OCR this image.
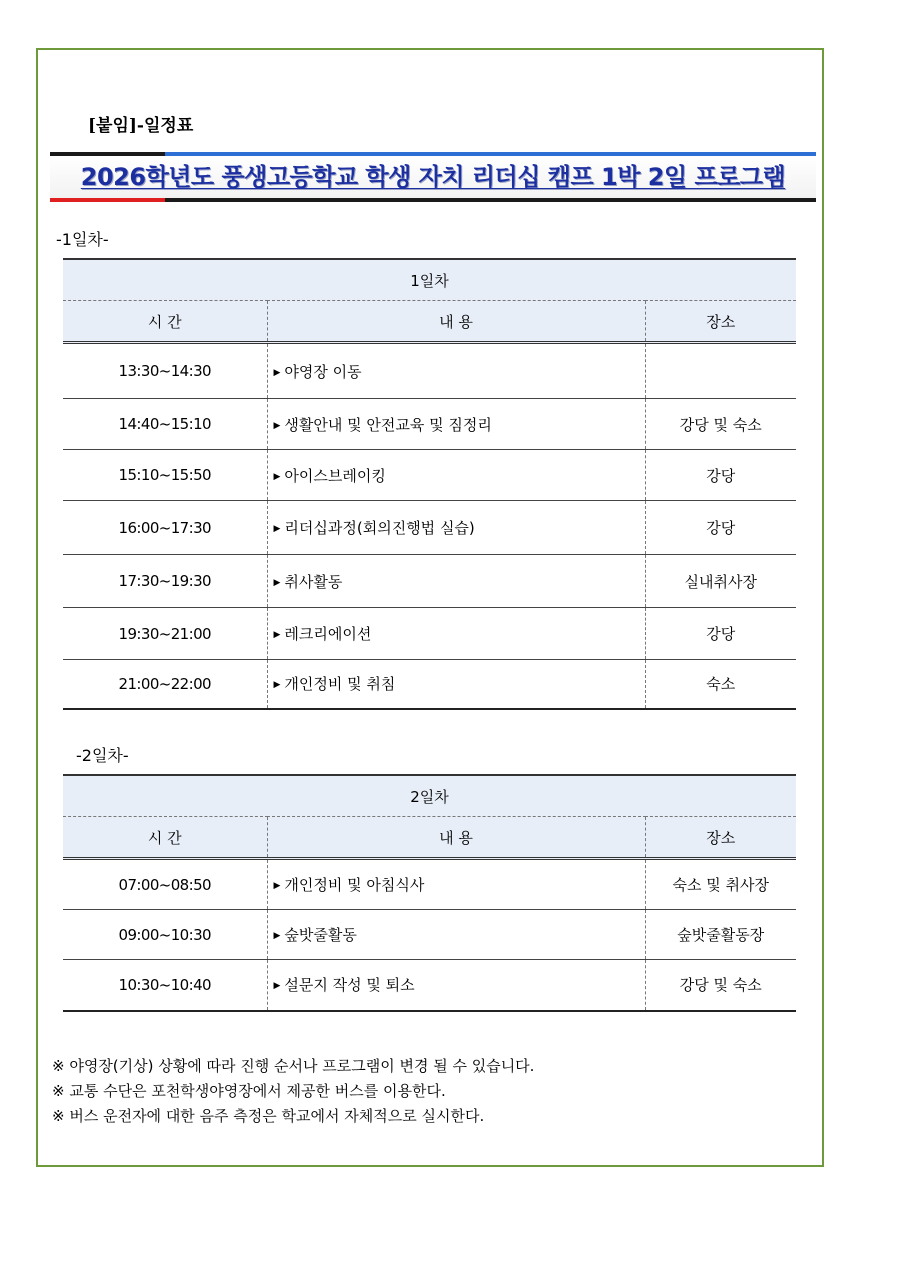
[붙임]-일정표
2026학년도 풍생고등학교 학생 자치 리더십 캠프 1박 2일 프로그램
-1일차-
1일차		
시 간	내 용	장소
13:30~14:30	▶ 야영장 이동	
14:40~15:10	▶ 생활안내 및 안전교육 및 짐정리	강당 및 숙소
15:10~15:50	▶ 아이스브레이킹	강당
16:00~17:30	▶ 리더십과정(회의진행법 실습)	강당
17:30~19:30	▶ 취사활동	실내취사장
19:30~21:00	▶ 레크리에이션	강당
21:00~22:00	▶ 개인정비 및 취침	숙소
-2일차-
2일차		
시 간	내 용	장소
07:00~08:50	▶ 개인정비 및 아침식사	숙소 및 취사장
09:00~10:30	▶ 숲밧줄활동	숲밧줄활동장
10:30~10:40	▶ 설문지 작성 및 퇴소	강당 및 숙소
※ 야영장(기상) 상황에 따라 진행 순서나 프로그램이 변경 될 수 있습니다.
※ 교통 수단은 포천학생야영장에서 제공한 버스를 이용한다.
※ 버스 운전자에 대한 음주 측정은 학교에서 자체적으로 실시한다.
